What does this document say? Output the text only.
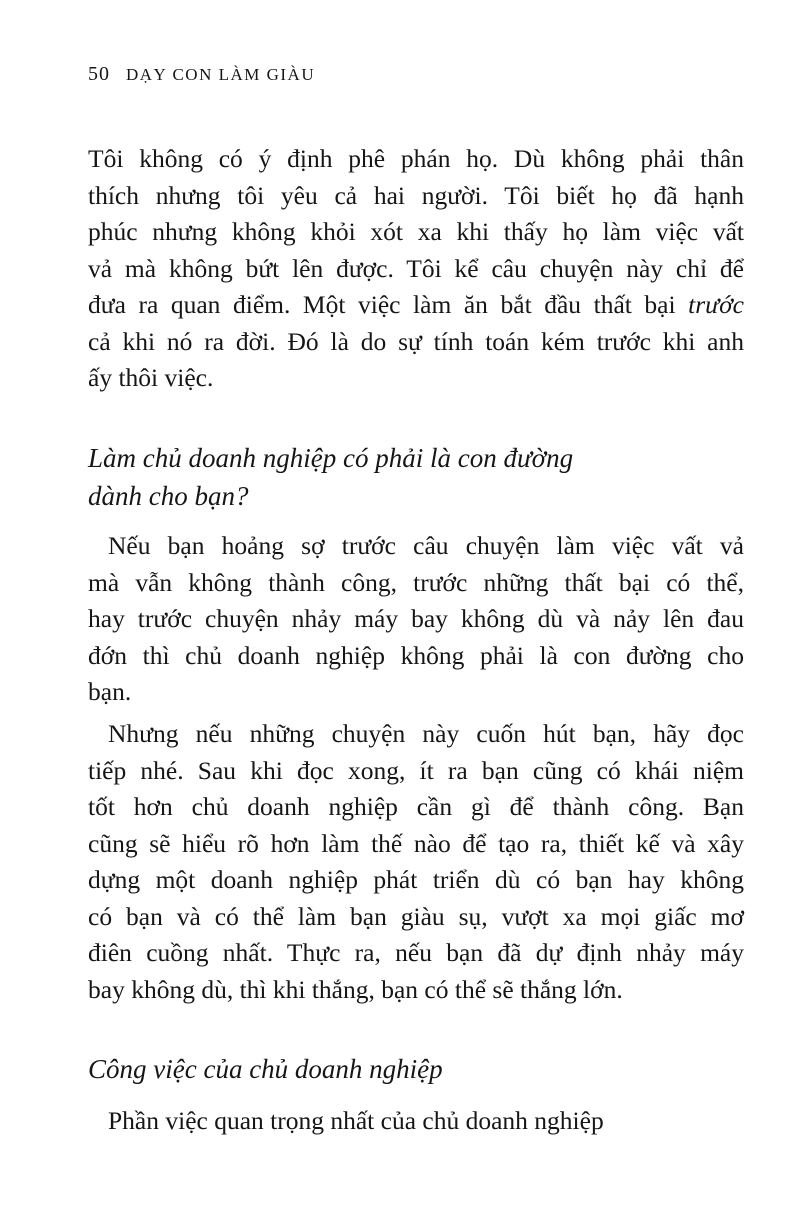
50 DẠY CON LÀM GIÀU
Tôi không có ý định phê phán họ. Dù không phải thân
thích nhưng tôi yêu cả hai người. Tôi biết họ đã hạnh
phúc nhưng không khỏi xót xa khi thấy họ làm việc vất
vả mà không bứt lên được. Tôi kể câu chuyện này chỉ để
đưa ra quan điểm. Một việc làm ăn bắt đầu thất bại trước
cả khi nó ra đời. Đó là do sự tính toán kém trước khi anh
ấy thôi việc.
Làm chủ doanh nghiệp có phải là con đường
dành cho bạn?
Nếu bạn hoảng sợ trước câu chuyện làm việc vất vả
mà vẫn không thành công, trước những thất bại có thể,
hay trước chuyện nhảy máy bay không dù và nảy lên đau
đớn thì chủ doanh nghiệp không phải là con đường cho
bạn.
Nhưng nếu những chuyện này cuốn hút bạn, hãy đọc
tiếp nhé. Sau khi đọc xong, ít ra bạn cũng có khái niệm
tốt hơn chủ doanh nghiệp cần gì để thành công. Bạn
cũng sẽ hiểu rõ hơn làm thế nào để tạo ra, thiết kế và xây
dựng một doanh nghiệp phát triển dù có bạn hay không
có bạn và có thể làm bạn giàu sụ, vượt xa mọi giấc mơ
điên cuồng nhất. Thực ra, nếu bạn đã dự định nhảy máy
bay không dù, thì khi thắng, bạn có thể sẽ thắng lớn.
Công việc của chủ doanh nghiệp
Phần việc quan trọng nhất của chủ doanh nghiệp
